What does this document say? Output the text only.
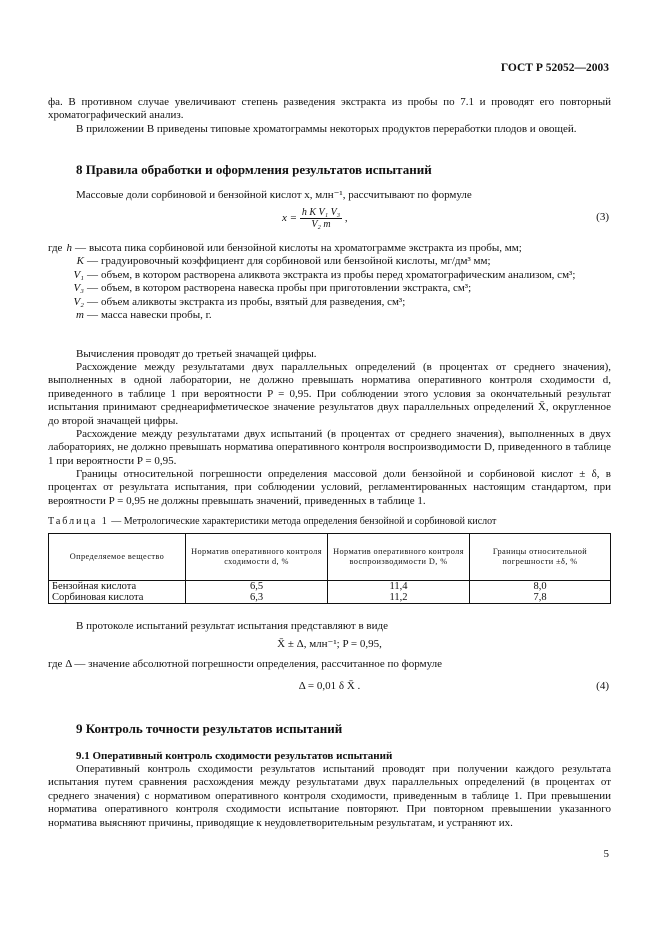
ГОСТ Р 52052—2003
фа. В противном случае увеличивают степень разведения экстракта из пробы по 7.1 и проводят его повторный хроматографический анализ.
В приложении В приведены типовые хроматограммы некоторых продуктов переработки плодов и овощей.
8 Правила обработки и оформления результатов испытаний
Массовые доли сорбиновой и бензойной кислот x, млн⁻¹, рассчитывают по формуле
$x = \frac{\text{h K V₁ V₃}}{\text{V₂ m}}$ ,	(3)
где h — высота пика сорбиновой или бензойной кислоты на хроматограмме экстракта из пробы, мм;
K — градуировочный коэффициент для сорбиновой или бензойной кислоты, мг/дм³ мм;
V₁ — объем, в котором растворена аликвота экстракта из пробы перед хроматографическим анализом, см³;
V₃ — объем, в котором растворена навеска пробы при приготовлении экстракта, см³;
V₂ — объем аликвоты экстракта из пробы, взятый для разведения, см³;
m — масса навески пробы, г.
Вычисления проводят до третьей значащей цифры.
Расхождение между результатами двух параллельных определений (в процентах от среднего значения), выполненных в одной лаборатории, не должно превышать норматива оперативного контроля сходимости d, приведенного в таблице 1 при вероятности P = 0,95. При соблюдении этого условия за окончательный результат испытания принимают среднеарифметическое значение результатов двух параллельных определений X̄, округленное до второй значащей цифры.
Расхождение между результатами двух испытаний (в процентах от среднего значения), выполненных в двух лабораториях, не должно превышать норматива оперативного контроля воспроизводимости D, приведенного в таблице 1 при вероятности P = 0,95.
Границы относительной погрешности определения массовой доли бензойной и сорбиновой кислот ± δ, в процентах от результата испытания, при соблюдении условий, регламентированных настоящим стандартом, при вероятности P = 0,95 не должны превышать значений, приведенных в таблице 1.
Таблица 1 — Метрологические характеристики метода определения бензойной и сорбиновой кислот
Определяемое вещество	Норматив оперативного контроля сходимости d, %	Норматив оперативного контроля воспроизводимости D, %	Границы относительной погрешности ±δ, %
Бензойная кислота	6,5	11,4	8,0
Сорбиновая кислота	6,3	11,2	7,8
В протоколе испытаний результат испытания представляют в виде
X̄ ± Δ, млн⁻¹; P = 0,95,
где Δ — значение абсолютной погрешности определения, рассчитанное по формуле
Δ = 0,01 δ X̄ .	(4)
9 Контроль точности результатов испытаний
9.1 Оперативный контроль сходимости результатов испытаний
Оперативный контроль сходимости результатов испытаний проводят при получении каждого результата испытания путем сравнения расхождения между результатами двух параллельных определений (в процентах от среднего значения) с нормативом оперативного контроля сходимости, приведенным в таблице 1. При превышении норматива оперативного контроля сходимости испытание повторяют. При повторном превышении указанного норматива выясняют причины, приводящие к неудовлетворительным результатам, и устраняют их.
5
